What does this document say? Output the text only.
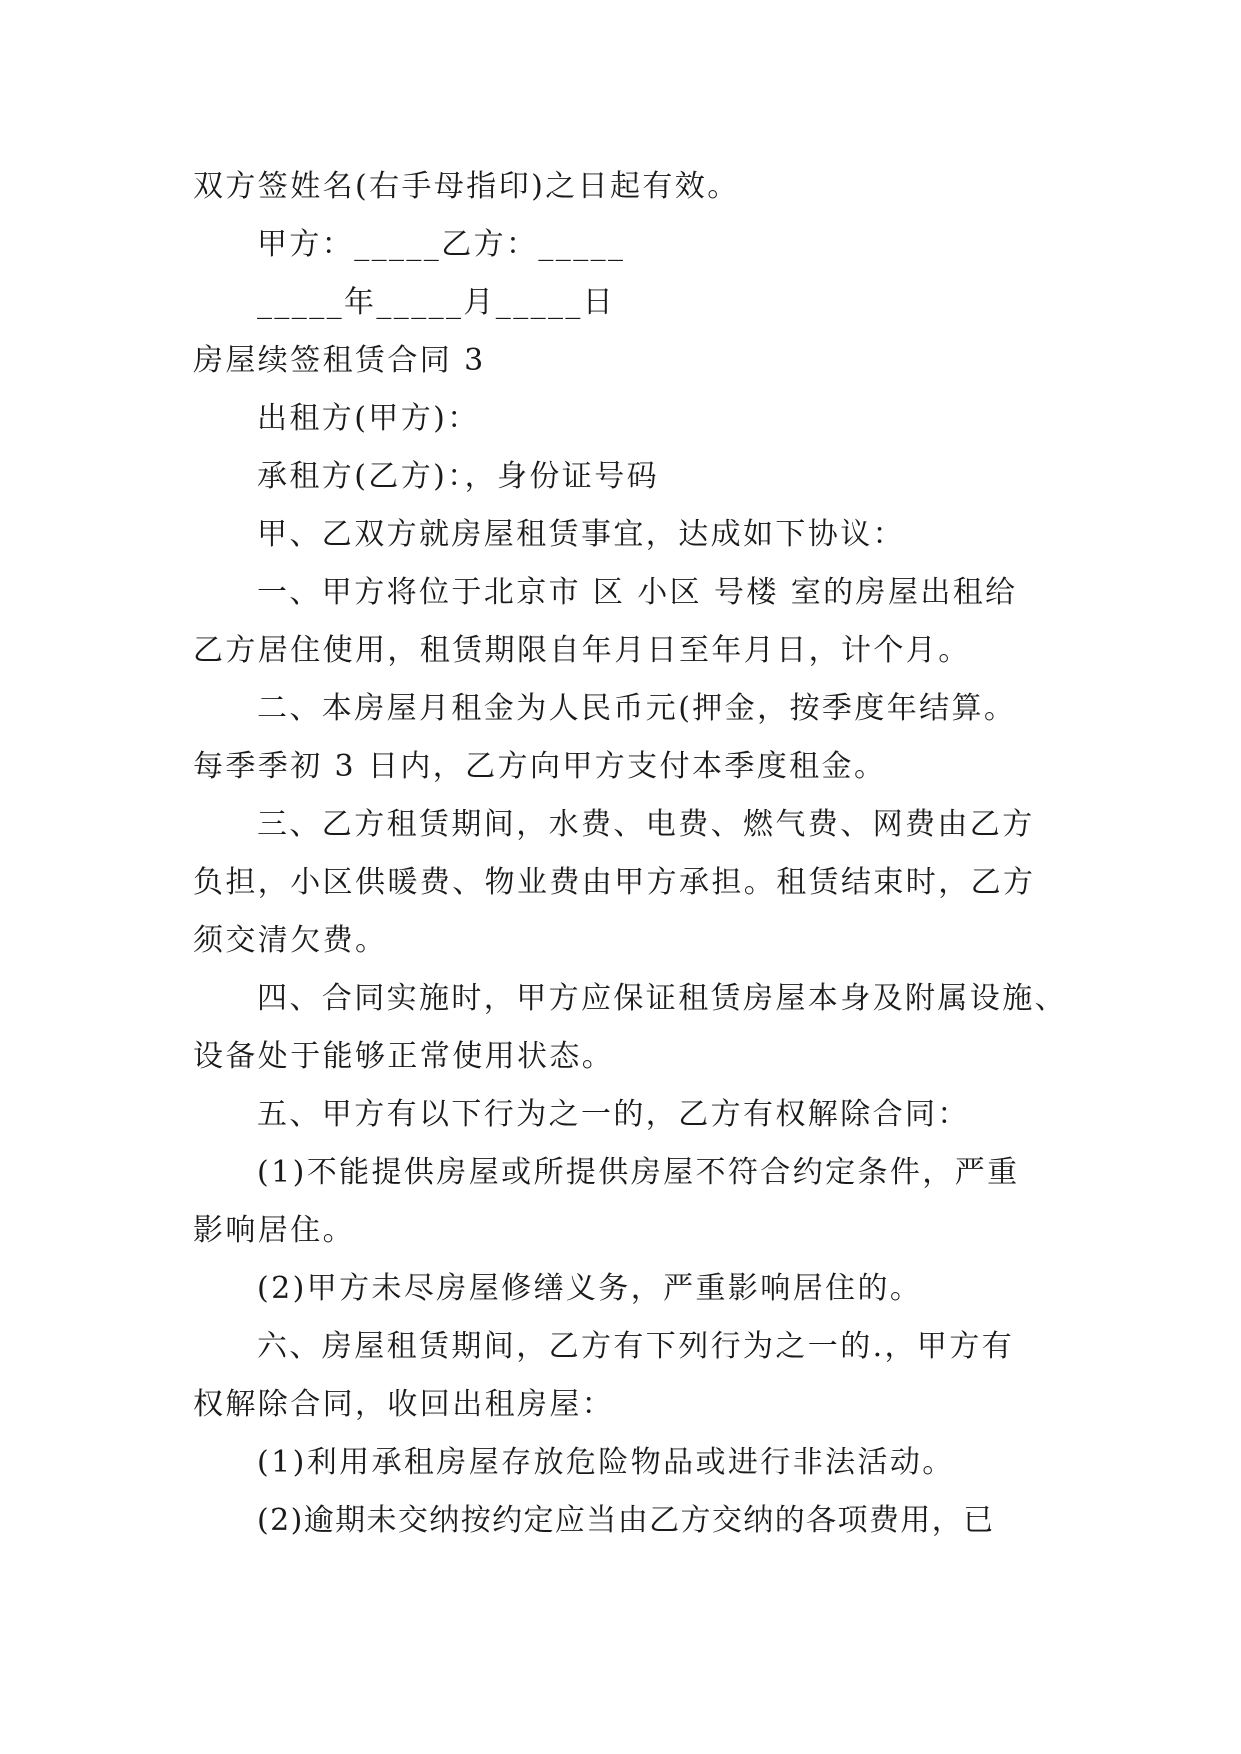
双方签姓名(右手母指印)之日起有效。
甲方：_____乙方：_____
_____年_____月_____日
房屋续签租赁合同 3
出租方(甲方)：
承租方(乙方)：，身份证号码
甲、乙双方就房屋租赁事宜，达成如下协议：
一、甲方将位于北京市 区 小区 号楼 室的房屋出租给
乙方居住使用，租赁期限自年月日至年月日，计个月。
二、本房屋月租金为人民币元(押金，按季度年结算。
每季季初 3 日内，乙方向甲方支付本季度租金。
三、乙方租赁期间，水费、电费、燃气费、网费由乙方
负担，小区供暖费、物业费由甲方承担。租赁结束时，乙方
须交清欠费。
四、合同实施时，甲方应保证租赁房屋本身及附属设施、
设备处于能够正常使用状态。
五、甲方有以下行为之一的，乙方有权解除合同：
(1)不能提供房屋或所提供房屋不符合约定条件，严重
影响居住。
(2)甲方未尽房屋修缮义务，严重影响居住的。
六、房屋租赁期间，乙方有下列行为之一的.，甲方有
权解除合同，收回出租房屋：
(1)利用承租房屋存放危险物品或进行非法活动。
(2)逾期未交纳按约定应当由乙方交纳的各项费用，已
